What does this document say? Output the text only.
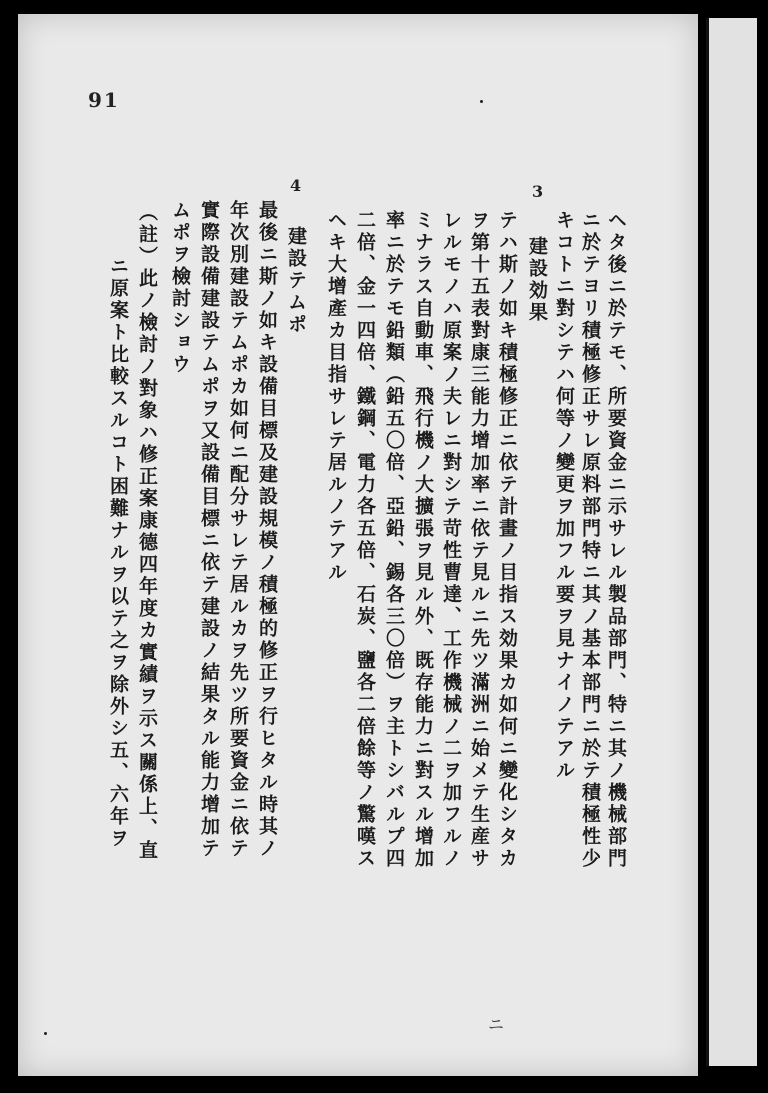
91
3
4
ヘタ後ニ於テモ、所要資金ニ示サレル製品部門、特ニ其ノ機械部門
ニ於テヨリ積極修正サレ原料部門特ニ其ノ基本部門ニ於テ積極性少
キコトニ對シテハ何等ノ變更ヲ加フル要ヲ見ナイノテアル
建設効果
テハ斯ノ如キ積極修正ニ依テ計畫ノ目指ス効果カ如何ニ變化シタカ
ヲ第十五表對康三能力增加率ニ依テ見ルニ先ツ滿洲ニ始メテ生産サ
レルモノハ原案ノ夫レニ對シテ苛性曹達、工作機械ノ二ヲ加フルノ
ミナラス自動車、飛行機ノ大擴張ヲ見ル外、既存能力ニ對スル增加
率ニ於テモ鉛類（鉛五〇倍、亞鉛、錫各三〇倍）ヲ主トシバルプ四
二倍、金一四倍、鐵鋼、電力各五倍、石炭、鹽各二倍餘等ノ驚嘆ス
ヘキ大增產カ目指サレテ居ルノテアル
建設テムポ
最後ニ斯ノ如キ設備目標及建設規模ノ積極的修正ヲ行ヒタル時其ノ
年次別建設テムポカ如何ニ配分サレテ居ルカヲ先ツ所要資金ニ依テ
實際設備建設テムポヲ又設備目標ニ依テ建設ノ結果タル能力增加テ
ムポヲ檢討ショウ
（註）此ノ檢討ノ對象ハ修正案康德四年度カ實績ヲ示ス關係上、直
ニ原案ト比較スルコト困難ナルヲ以テ之ヲ除外シ五、六年ヲ
ニ
